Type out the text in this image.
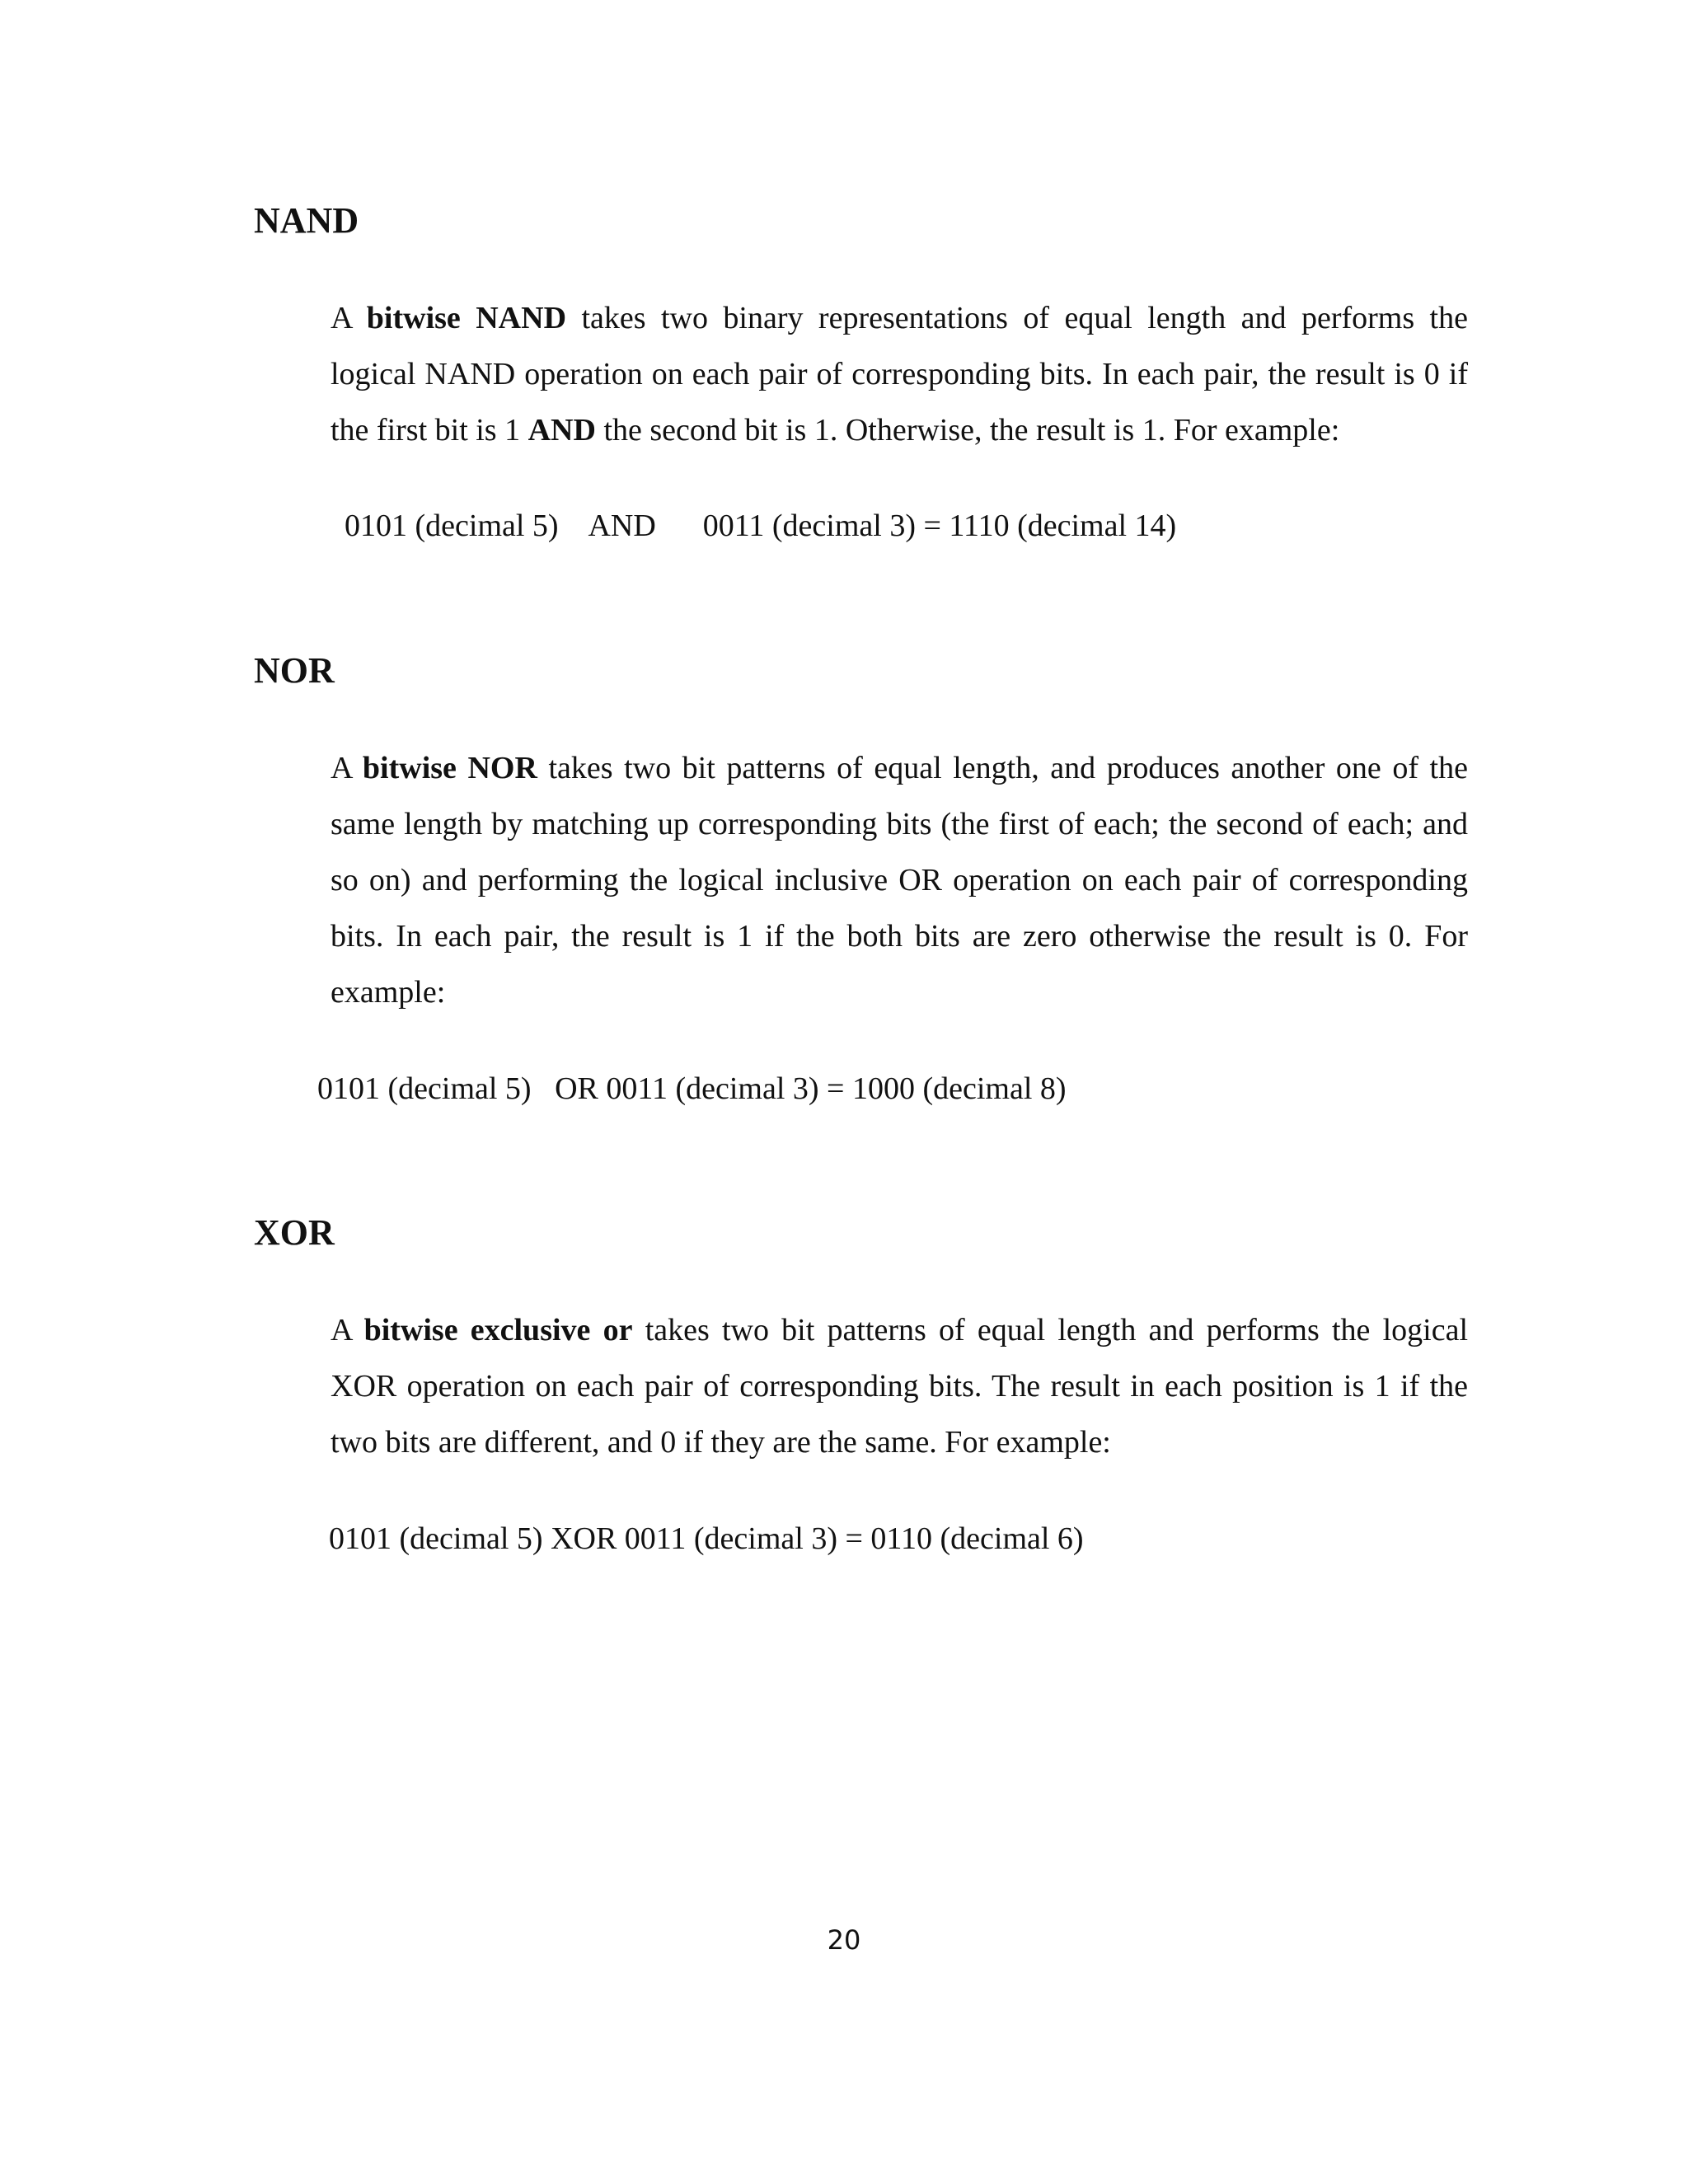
NAND

A bitwise NAND takes two binary representations of equal length and performs the logical NAND operation on each pair of corresponding bits. In each pair, the result is 0 if the first bit is 1 AND the second bit is 1. Otherwise, the result is 1. For example:

0101 (decimal 5)    AND      0011 (decimal 3) = 1110 (decimal 14)
NOR

A bitwise NOR takes two bit patterns of equal length, and produces another one of the same length by matching up corresponding bits (the first of each; the second of each; and so on) and performing the logical inclusive OR operation on each pair of corresponding bits. In each pair, the result is 1 if the both bits are zero otherwise the result is 0. For example:

0101 (decimal 5)   OR 0011 (decimal 3) = 1000 (decimal 8)
XOR

A bitwise exclusive or takes two bit patterns of equal length and performs the logical XOR operation on each pair of corresponding bits. The result in each position is 1 if the two bits are different, and 0 if they are the same. For example:

0101 (decimal 5) XOR 0011 (decimal 3) = 0110 (decimal 6)
20
